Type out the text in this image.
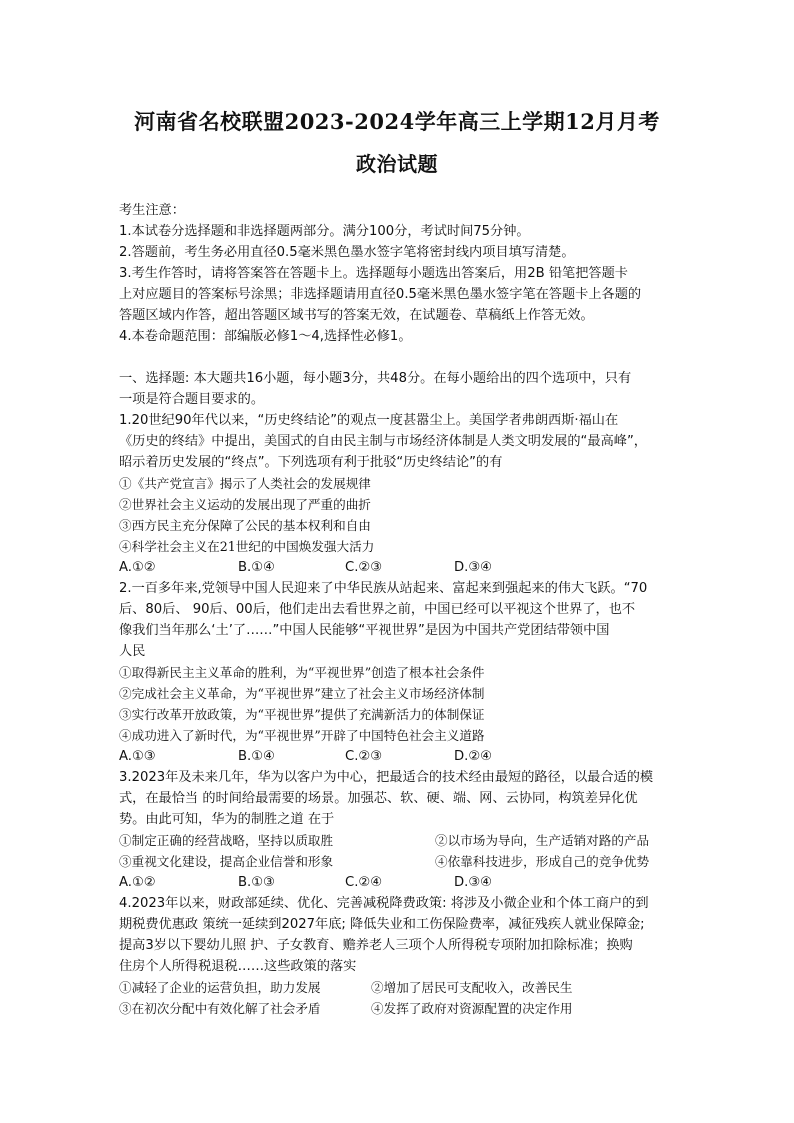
河南省名校联盟2023-2024学年高三上学期12月月考
政治试题
考生注意：
1.本试卷分选择题和非选择题两部分。满分100分，考试时间75分钟。
2.答题前，考生务必用直径0.5毫米黑色墨水签字笔将密封线内项目填写清楚。
3.考生作答时，请将答案答在答题卡上。选择题每小题选出答案后，用2B 铅笔把答题卡
上对应题目的答案标号涂黑；非选择题请用直径0.5毫米黑色墨水签字笔在答题卡上各题的
答题区域内作答，超出答题区域书写的答案无效，在试题卷、草稿纸上作答无效。
4.本卷命题范围：部编版必修1～4,选择性必修1。
一、选择题: 本大题共16小题，每小题3分，共48分。在每小题给出的四个选项中，只有
一项是符合题目要求的。
1.20世纪90年代以来，“历史终结论”的观点一度甚嚣尘上。美国学者弗朗西斯·福山在
《历史的终结》中提出，美国式的自由民主制与市场经济体制是人类文明发展的“最高峰”，
昭示着历史发展的“终点”。下列选项有利于批驳“历史终结论”的有
①《共产党宣言》揭示了人类社会的发展规律
②世界社会主义运动的发展出现了严重的曲折
③西方民主充分保障了公民的基本权利和自由
④科学社会主义在21世纪的中国焕发强大活力
A.①②	B.①④	C.②③	D.③④
2.一百多年来,党领导中国人民迎来了中华民族从站起来、富起来到强起来的伟大飞跃。“70
后、80后、 90后、00后，他们走出去看世界之前，中国已经可以平视这个世界了，也不
像我们当年那么‘土’了……”中国人民能够“平视世界”是因为中国共产党团结带领中国
人民
①取得新民主主义革命的胜利，为“平视世界”创造了根本社会条件
②完成社会主义革命，为“平视世界”建立了社会主义市场经济体制
③实行改革开放政策，为“平视世界”提供了充满新活力的体制保证
④成功进入了新时代，为“平视世界”开辟了中国特色社会主义道路
A.①③	B.①④	C.②③	D.②④
3.2023年及未来几年，华为以客户为中心，把最适合的技术经由最短的路径，以最合适的模
式，在最恰当 的时间给最需要的场景。加强芯、软、硬、端、网、云协同，构筑差异化优
势。由此可知，华为的制胜之道 在于
①制定正确的经营战略，坚持以质取胜	②以市场为导向，生产适销对路的产品
③重视文化建设，提高企业信誉和形象	④依靠科技进步，形成自己的竞争优势
A.①②	B.①③	C.②④	D.③④
4.2023年以来，财政部延续、优化、完善减税降费政策: 将涉及小微企业和个体工商户的到
期税费优惠政 策统一延续到2027年底; 降低失业和工伤保险费率，减征残疾人就业保障金;
提高3岁以下婴幼儿照 护、子女教育、赡养老人三项个人所得税专项附加扣除标准；换购
住房个人所得税退税……这些政策的落实
①减轻了企业的运营负担，助力发展	②增加了居民可支配收入，改善民生
③在初次分配中有效化解了社会矛盾	④发挥了政府对资源配置的决定作用
